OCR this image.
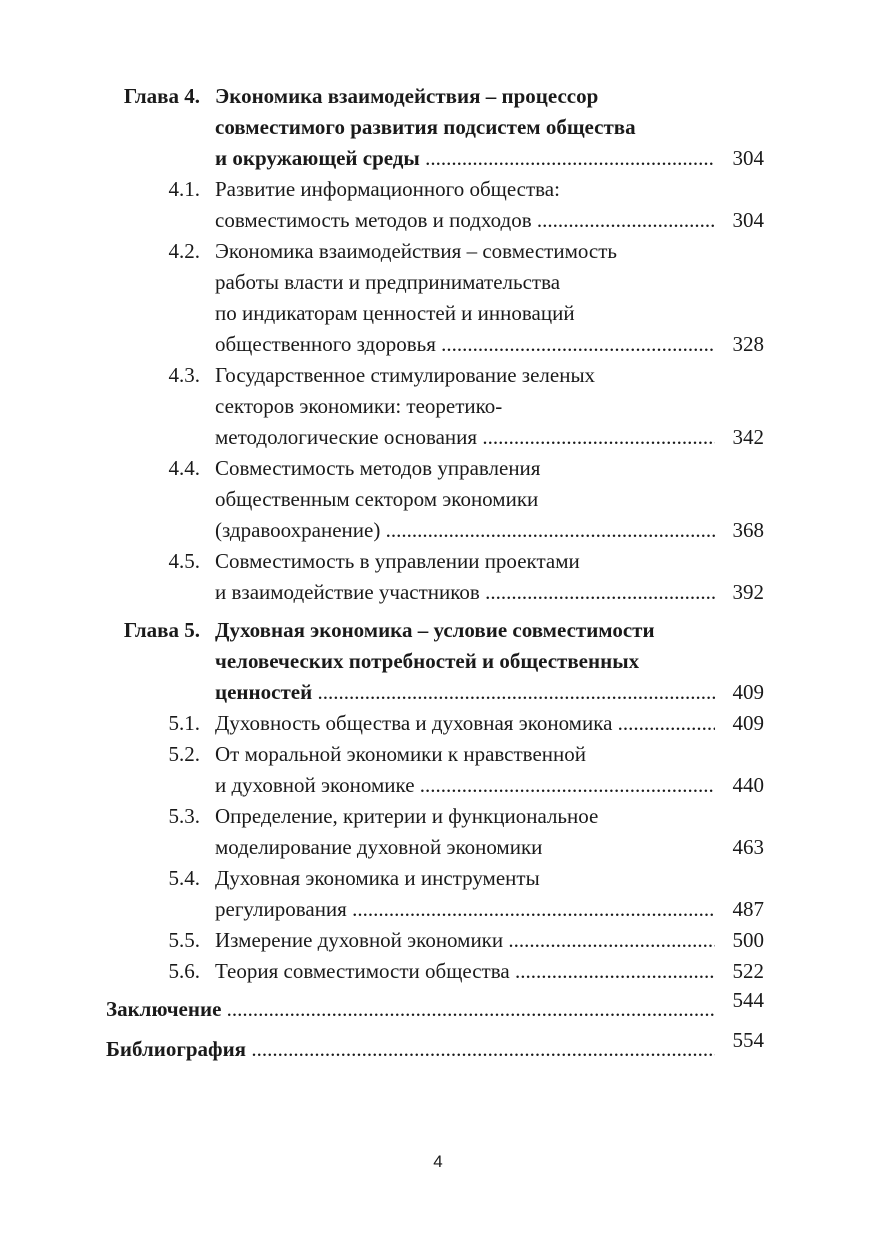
Глава 4. Экономика взаимодействия – процессор
совместимого развития подсистем общества
и окружающей среды .....	304
4.1. Развитие информационного общества:
совместимость методов и подходов .....	304
4.2. Экономика взаимодействия – совместимость
работы власти и предпринимательства
по индикаторам ценностей и инноваций
общественного здоровья .....	328
4.3. Государственное стимулирование зеленых
секторов экономики: теоретико-
методологические основания .....	342
4.4. Совместимость методов управления
общественным сектором экономики
(здравоохранение) .....	368
4.5. Совместимость в управлении проектами
и взаимодействие участников .....	392
Глава 5. Духовная экономика – условие совместимости
человеческих потребностей и общественных
ценностей .....	409
5.1. Духовность общества и духовная экономика .....	409
5.2. От моральной экономики к нравственной
и духовной экономике .....	440
5.3. Определение, критерии и функциональное
моделирование духовной экономики	463
5.4. Духовная экономика и инструменты
регулирования .....	487
5.5. Измерение духовной экономики .....	500
5.6. Теория совместимости общества .....	522
Заключение .....	544
Библиография .....	554
4
